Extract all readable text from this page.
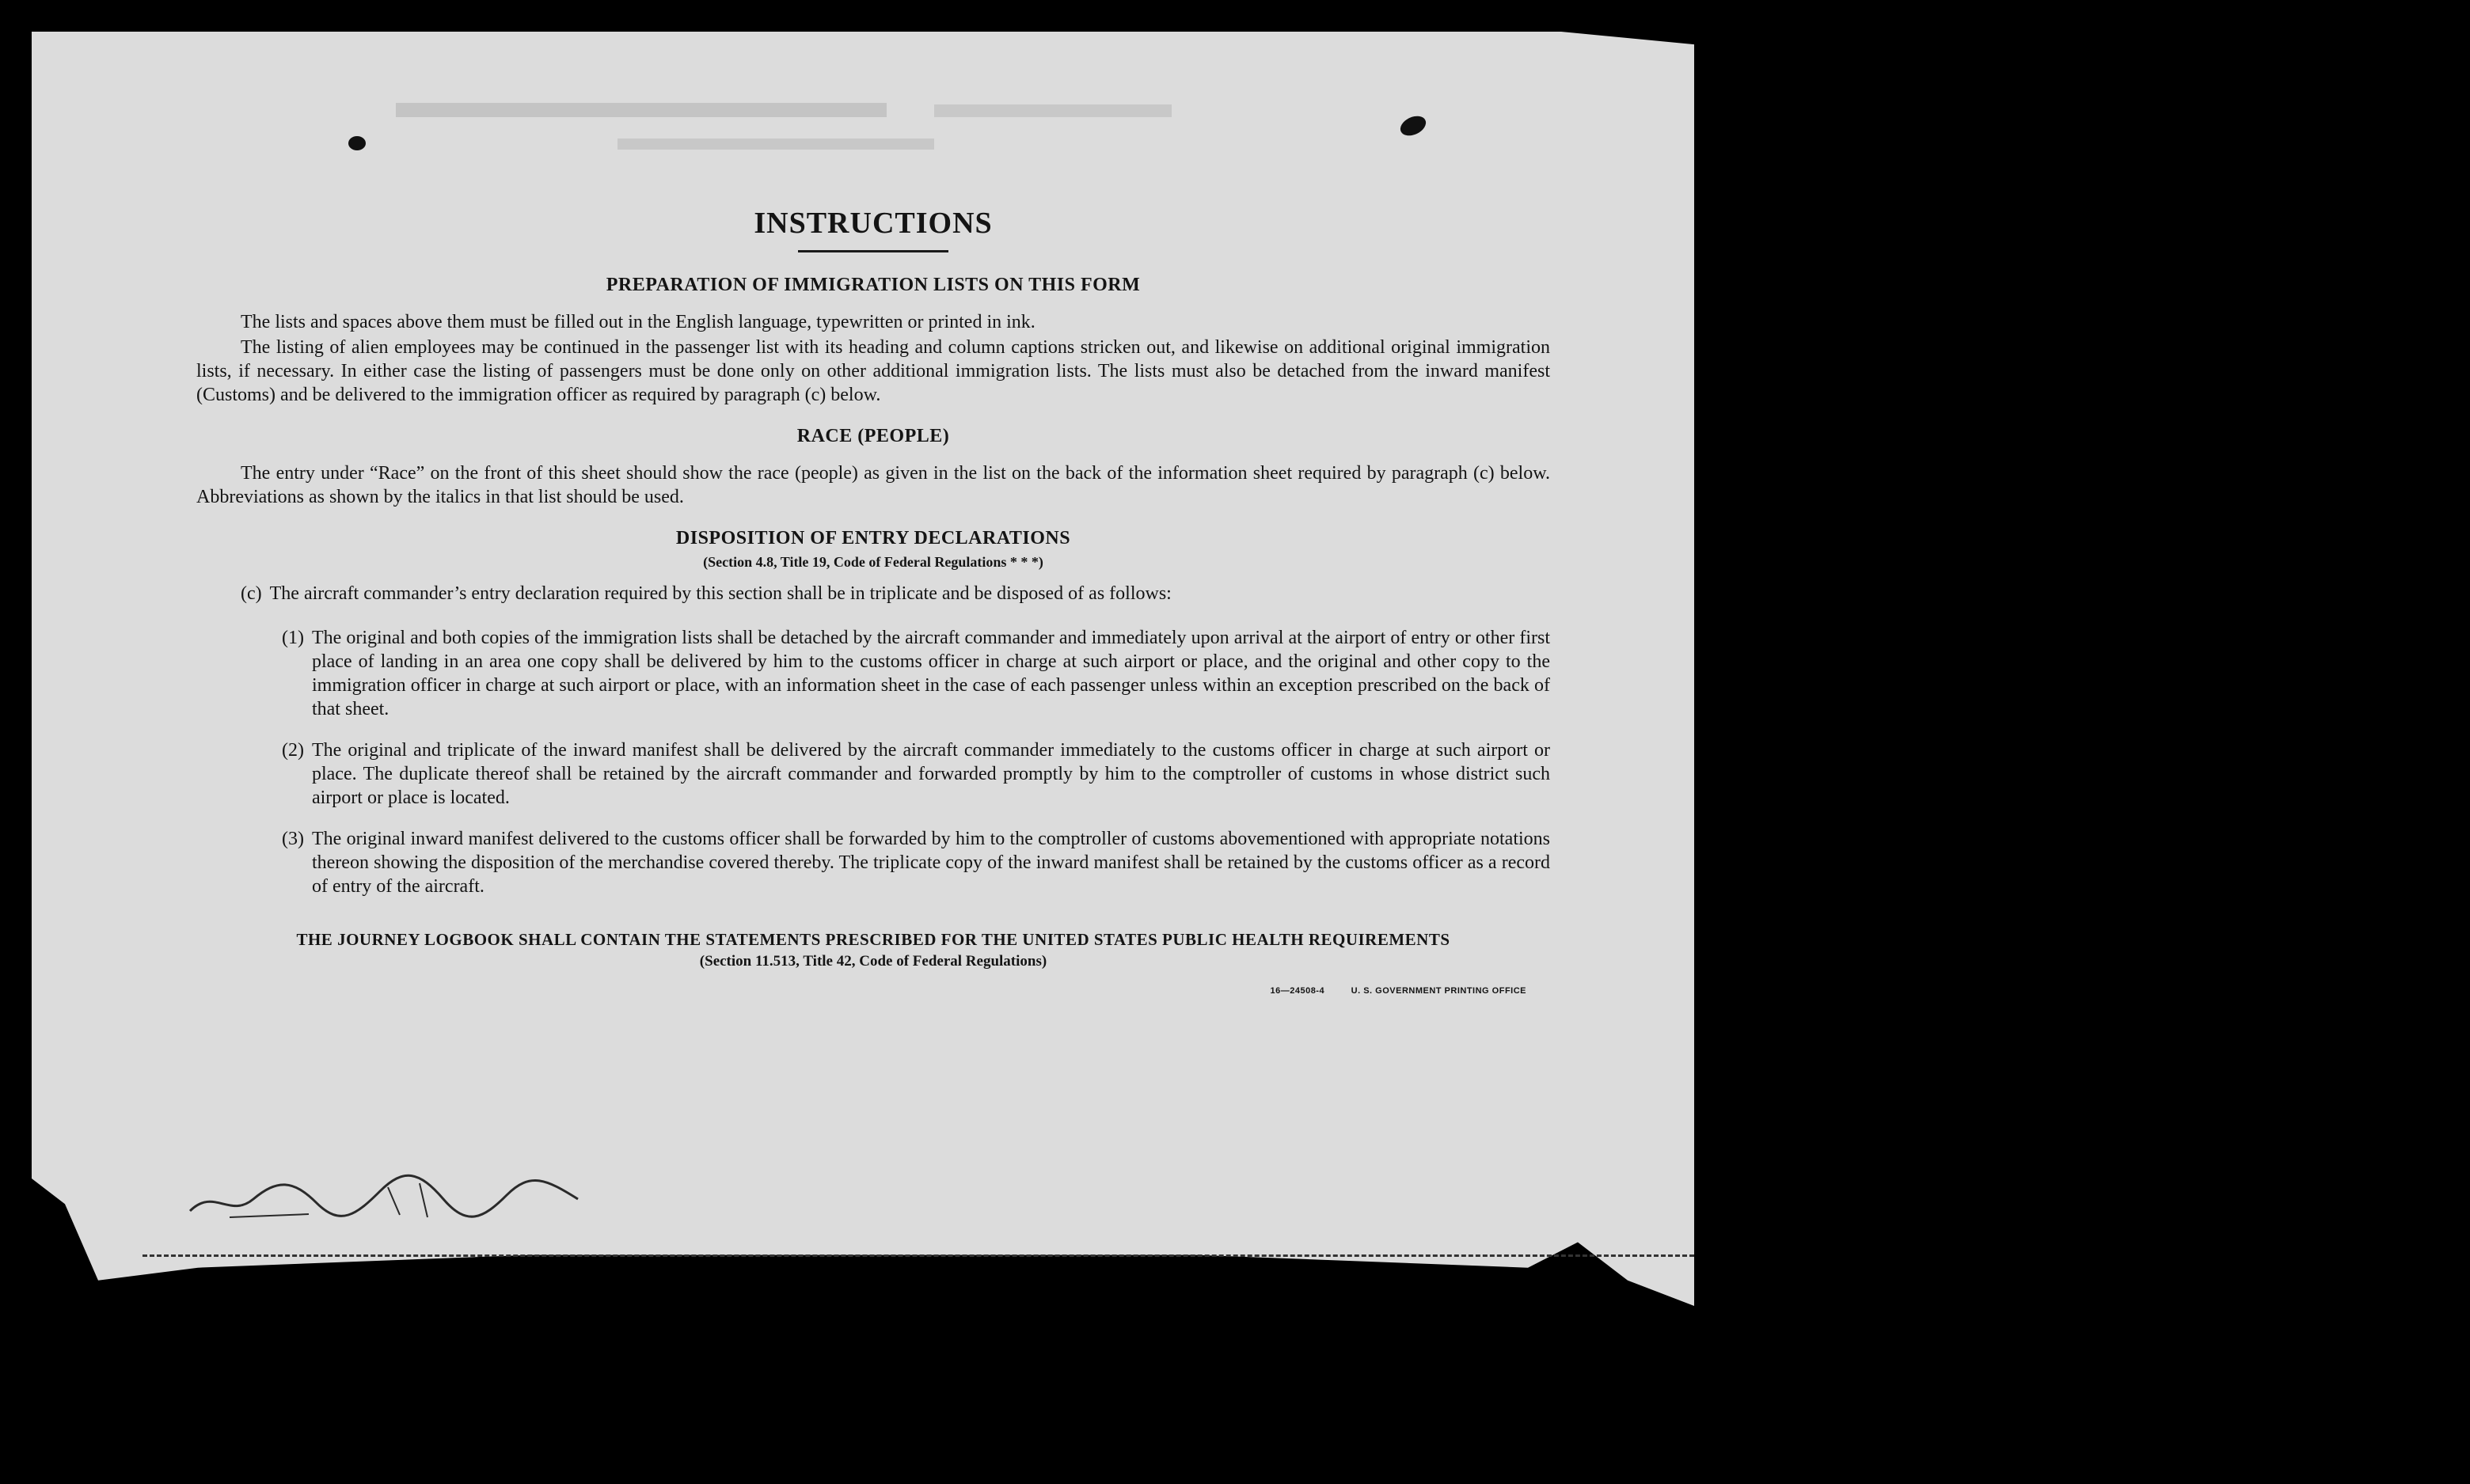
INSTRUCTIONS
PREPARATION OF IMMIGRATION LISTS ON THIS FORM

The lists and spaces above them must be filled out in the English language, typewritten or printed in ink.

The listing of alien employees may be continued in the passenger list with its heading and column captions stricken out, and likewise on additional original immigration lists, if necessary. In either case the listing of passengers must be done only on other additional immigration lists. The lists must also be detached from the inward manifest (Customs) and be delivered to the immigration officer as required by paragraph (c) below.

RACE (PEOPLE)

The entry under “Race” on the front of this sheet should show the race (people) as given in the list on the back of the information sheet required by paragraph (c) below. Abbreviations as shown by the italics in that list should be used.

DISPOSITION OF ENTRY DECLARATIONS

(Section 4.8, Title 19, Code of Federal Regulations * * *)

(c) The aircraft commander’s entry declaration required by this section shall be in triplicate and be disposed of as follows:
(1) The original and both copies of the immigration lists shall be detached by the aircraft commander and immediately upon arrival at the airport of entry or other first place of landing in an area one copy shall be delivered by him to the customs officer in charge at such airport or place, and the original and other copy to the immigration officer in charge at such airport or place, with an information sheet in the case of each passenger unless within an exception prescribed on the back of that sheet.
(2) The original and triplicate of the inward manifest shall be delivered by the aircraft commander immediately to the customs officer in charge at such airport or place. The duplicate thereof shall be retained by the aircraft commander and forwarded promptly by him to the comptroller of customs in whose district such airport or place is located.
(3) The original inward manifest delivered to the customs officer shall be forwarded by him to the comptroller of customs abovementioned with appropriate notations thereon showing the disposition of the merchandise covered thereby. The triplicate copy of the inward manifest shall be retained by the customs officer as a record of entry of the aircraft.

THE JOURNEY LOGBOOK SHALL CONTAIN THE STATEMENTS PRESCRIBED FOR THE UNITED STATES PUBLIC HEALTH REQUIREMENTS

(Section 11.513, Title 42, Code of Federal Regulations)

16—24508-4	U. S. GOVERNMENT PRINTING OFFICE
